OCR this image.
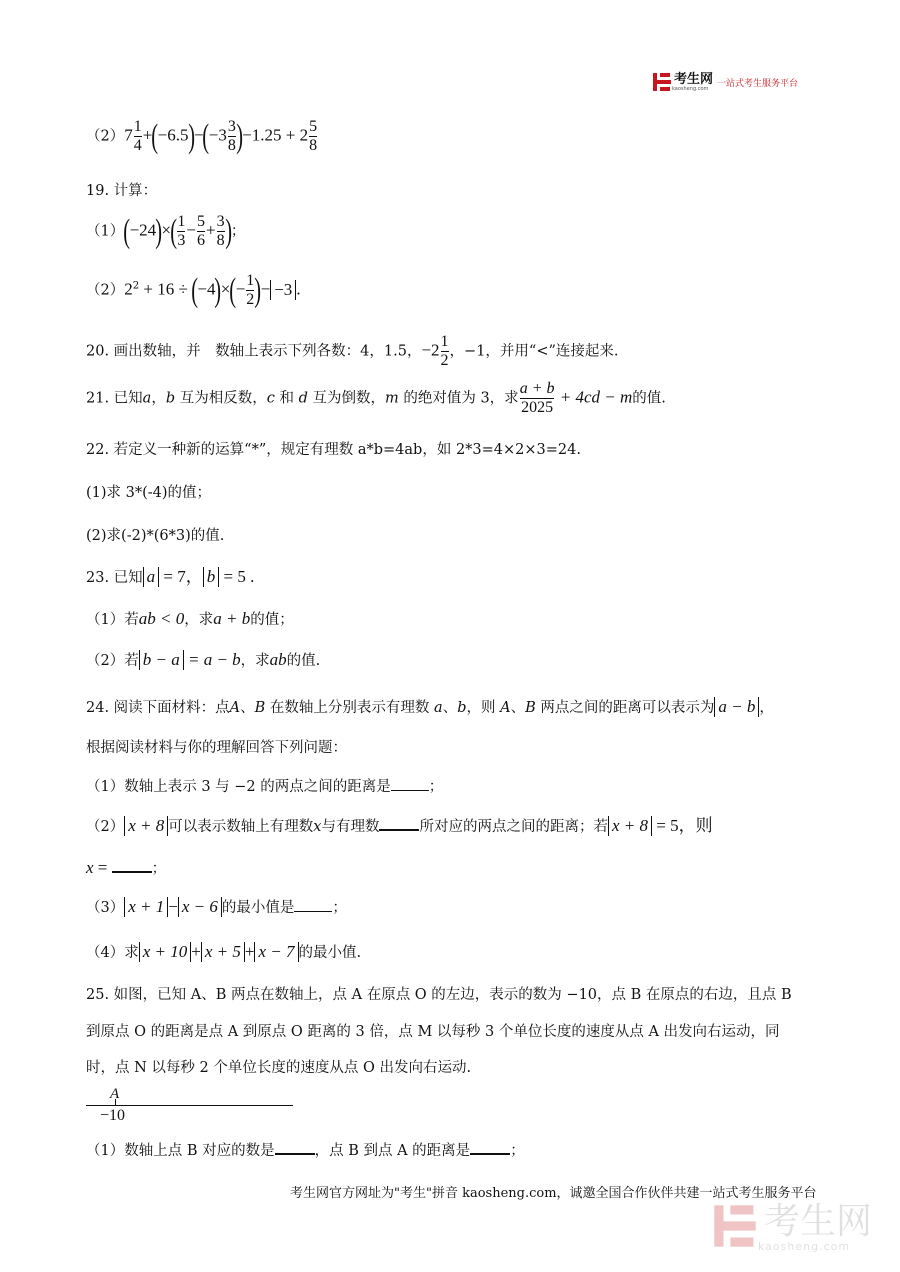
考生网
kaosheng.com 一站式考生服务平台
$(2)7 \frac{1}{4} +(-6.5)-(-3 \frac{3}{8} )-1.25 + 2 \frac{5}{8}$
19. 计算：
$(1)(-24)\times( \frac{1}{3} - \frac{5}{6} + \frac{3}{8}$ )；
$(2)2^2 + 16 \div (-4)\times(- \frac{1}{2}$ )− −3 .
20. 画出数轴，并　数轴上表示下列各数：4，1.5，$-2 \frac{1}{2}$ ，−1，并用“<”连接起来.
21. 已知a，b 互为相反数，c 和 d 互为倒数，m 的绝对值为 3，求 $\frac{a + b}{2025} + 4cd - m$的值.
22. 若定义一种新的运算“*”，规定有理数 a*b=4ab，如 2*3=4×2×3=24.
(1)求 3*(-4)的值；
(2)求(-2)*(6*3)的值.
23. 已知 a = 7， b = 5 .
（1）若ab < 0，求a + b的值；
（2）若 b − a = a − b，求ab的值.
24. 阅读下面材料：点A、B 在数轴上分别表示有理数 a、b，则 A、B 两点之间的距离可以表示为 a − b ，
根据阅读材料与你的理解回答下列问题：
（1）数轴上表示 3 与 −2 的两点之间的距离是	；
（2） x + 8 可以表示数轴上有理数x与有理数	所对应的两点之间的距离；若 x + 8 = 5，则
x =	；
（3） x + 1 − x − 6 的最小值是	；
（4）求 x + 10 + x + 5 + x − 7 的最小值.
25. 如图，已知 A、B 两点在数轴上，点 A 在原点 O 的左边，表示的数为 −10，点 B 在原点的右边，且点 B
到原点 O 的距离是点 A 到原点 O 距离的 3 倍，点 M 以每秒 3 个单位长度的速度从点 A 出发向右运动，同
时，点 N 以每秒 2 个单位长度的速度从点 O 出发向右运动.
A
−10
（1）数轴上点 B 对应的数是	，点 B 到点 A 的距离是	；
考生网官方网址为"考生"拼音 kaosheng.com，诚邀全国合作伙伴共建一站式考生服务平台
考生网
kaosheng.com
